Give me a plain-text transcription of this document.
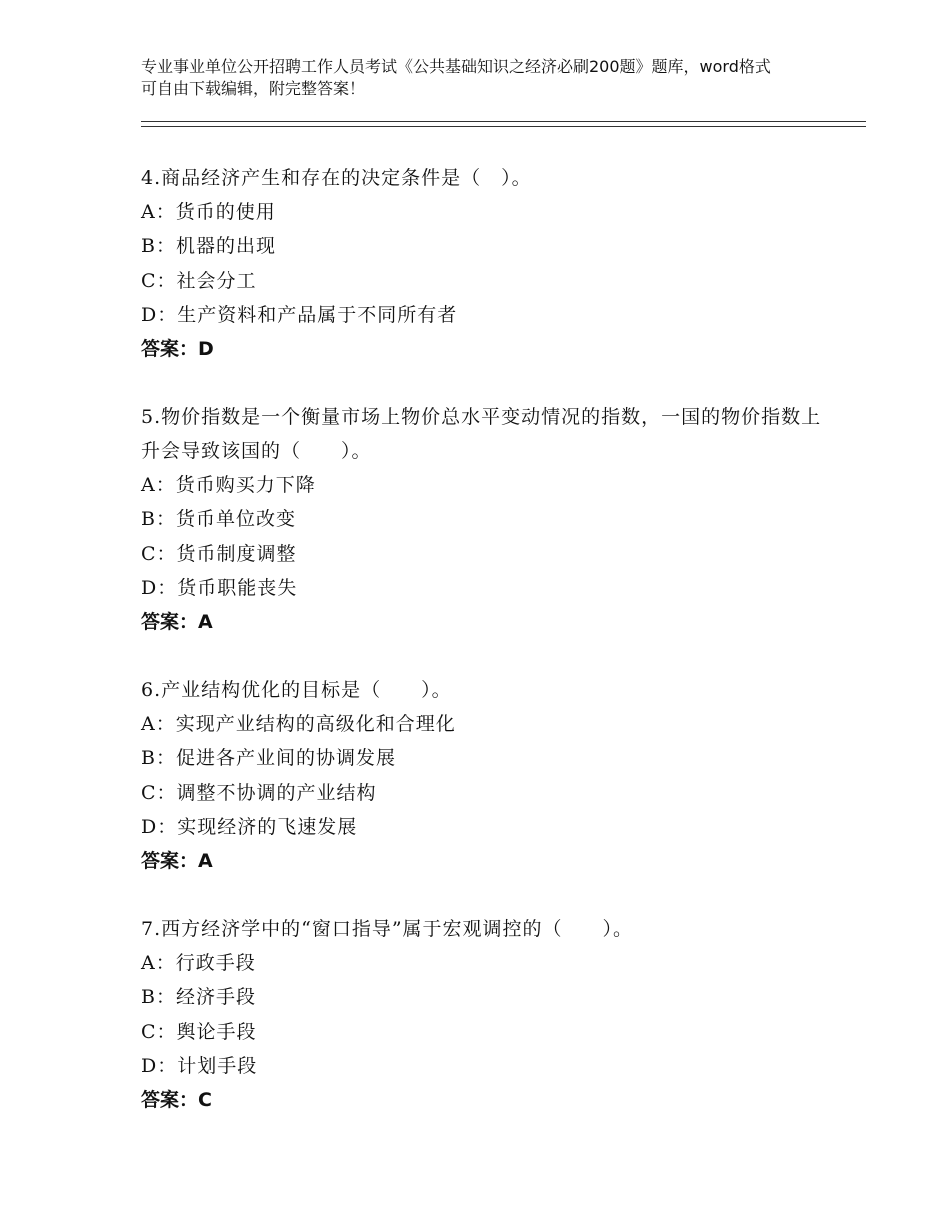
专业事业单位公开招聘工作人员考试《公共基础知识之经济必刷200题》题库，word格式可自由下载编辑，附完整答案！
4.商品经济产生和存在的决定条件是（　）。
A：货币的使用
B：机器的出现
C：社会分工
D：生产资料和产品属于不同所有者
答案：D
5.物价指数是一个衡量市场上物价总水平变动情况的指数，一国的物价指数上升会导致该国的（　　）。
A：货币购买力下降
B：货币单位改变
C：货币制度调整
D：货币职能丧失
答案：A
6.产业结构优化的目标是（　　）。
A：实现产业结构的高级化和合理化
B：促进各产业间的协调发展
C：调整不协调的产业结构
D：实现经济的飞速发展
答案：A
7.西方经济学中的“窗口指导”属于宏观调控的（　　）。
A：行政手段
B：经济手段
C：舆论手段
D：计划手段
答案：C
